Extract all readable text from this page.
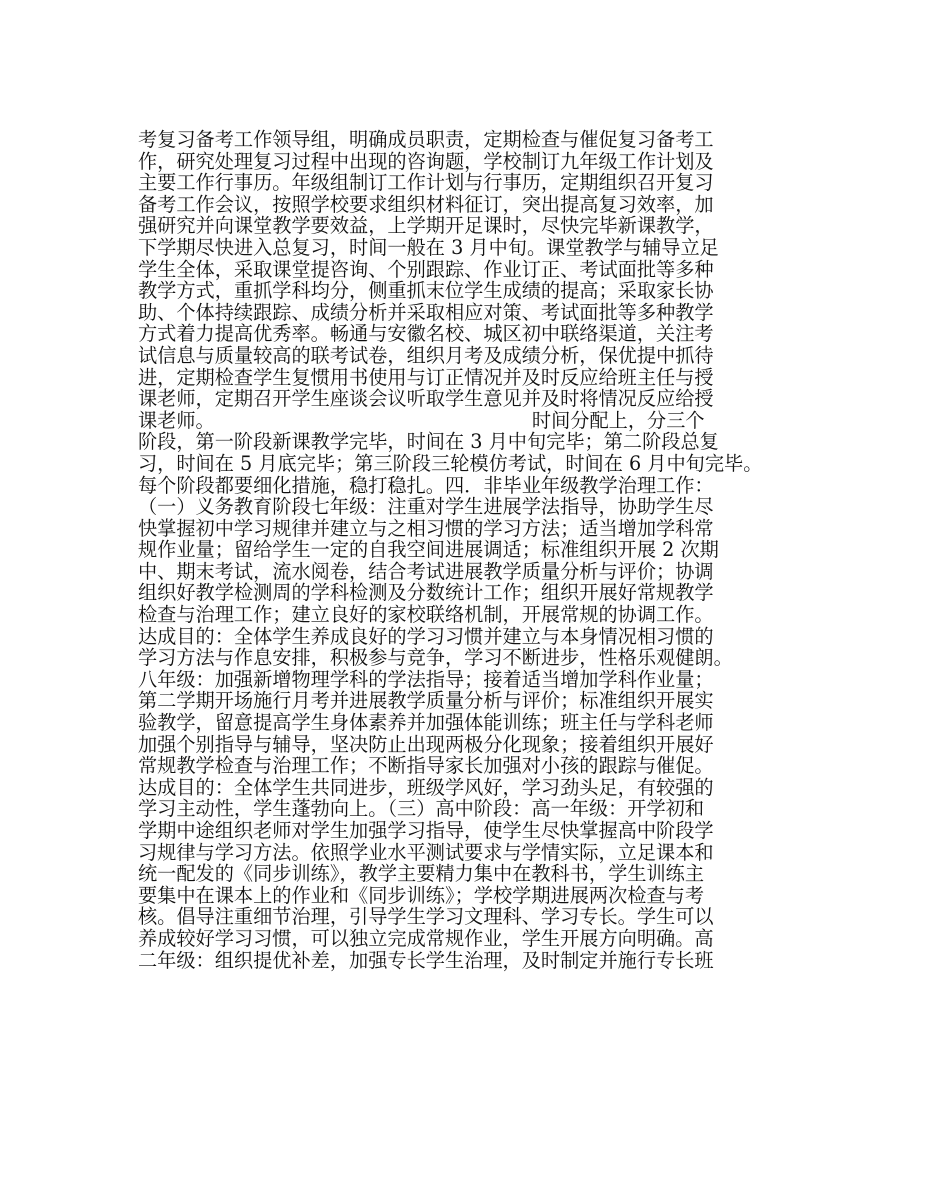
考复习备考工作领导组，明确成员职责，定期检查与催促复习备考工
作，研究处理复习过程中出现的咨询题，学校制订九年级工作计划及
主要工作行事历。年级组制订工作计划与行事历，定期组织召开复习
备考工作会议，按照学校要求组织材料征订，突出提高复习效率，加
强研究并向课堂教学要效益，上学期开足课时，尽快完毕新课教学，
下学期尽快进入总复习，时间一般在 3 月中旬。课堂教学与辅导立足
学生全体，采取课堂提咨询、个别跟踪、作业订正、考试面批等多种
教学方式，重抓学科均分，侧重抓末位学生成绩的提高；采取家长协
助、个体持续跟踪、成绩分析并采取相应对策、考试面批等多种教学
方式着力提高优秀率。畅通与安徽名校、城区初中联络渠道，关注考
试信息与质量较高的联考试卷，组织月考及成绩分析，保优提中抓待
进，定期检查学生复惯用书使用与订正情况并及时反应给班主任与授
课老师，定期召开学生座谈会议听取学生意见并及时将情况反应给授
课老师。                                                    时间分配上，分三个
阶段，第一阶段新课教学完毕，时间在 3 月中旬完毕；第二阶段总复
习，时间在 5 月底完毕；第三阶段三轮模仿考试，时间在 6 月中旬完毕。
每个阶段都要细化措施，稳打稳扎。四．非毕业年级教学治理工作：
（一）义务教育阶段七年级：注重对学生进展学法指导，协助学生尽
快掌握初中学习规律并建立与之相习惯的学习方法；适当增加学科常
规作业量；留给学生一定的自我空间进展调适；标准组织开展 2 次期
中、期末考试，流水阅卷，结合考试进展教学质量分析与评价；协调
组织好教学检测周的学科检测及分数统计工作；组织开展好常规教学
检查与治理工作；建立良好的家校联络机制，开展常规的协调工作。
达成目的：全体学生养成良好的学习习惯并建立与本身情况相习惯的
学习方法与作息安排，积极参与竞争，学习不断进步，性格乐观健朗。
八年级：加强新增物理学科的学法指导；接着适当增加学科作业量；
第二学期开场施行月考并进展教学质量分析与评价；标准组织开展实
验教学，留意提高学生身体素养并加强体能训练；班主任与学科老师
加强个别指导与辅导，坚决防止出现两极分化现象；接着组织开展好
常规教学检查与治理工作；不断指导家长加强对小孩的跟踪与催促。
达成目的：全体学生共同进步，班级学风好，学习劲头足，有较强的
学习主动性，学生蓬勃向上。（三）高中阶段：高一年级：开学初和
学期中途组织老师对学生加强学习指导，使学生尽快掌握高中阶段学
习规律与学习方法。依照学业水平测试要求与学情实际，立足课本和
统一配发的《同步训练》，教学主要精力集中在教科书，学生训练主
要集中在课本上的作业和《同步训练》；学校学期进展两次检查与考
核。倡导注重细节治理，引导学生学习文理科、学习专长。学生可以
养成较好学习习惯，可以独立完成常规作业，学生开展方向明确。高
二年级：组织提优补差，加强专长学生治理，及时制定并施行专长班
